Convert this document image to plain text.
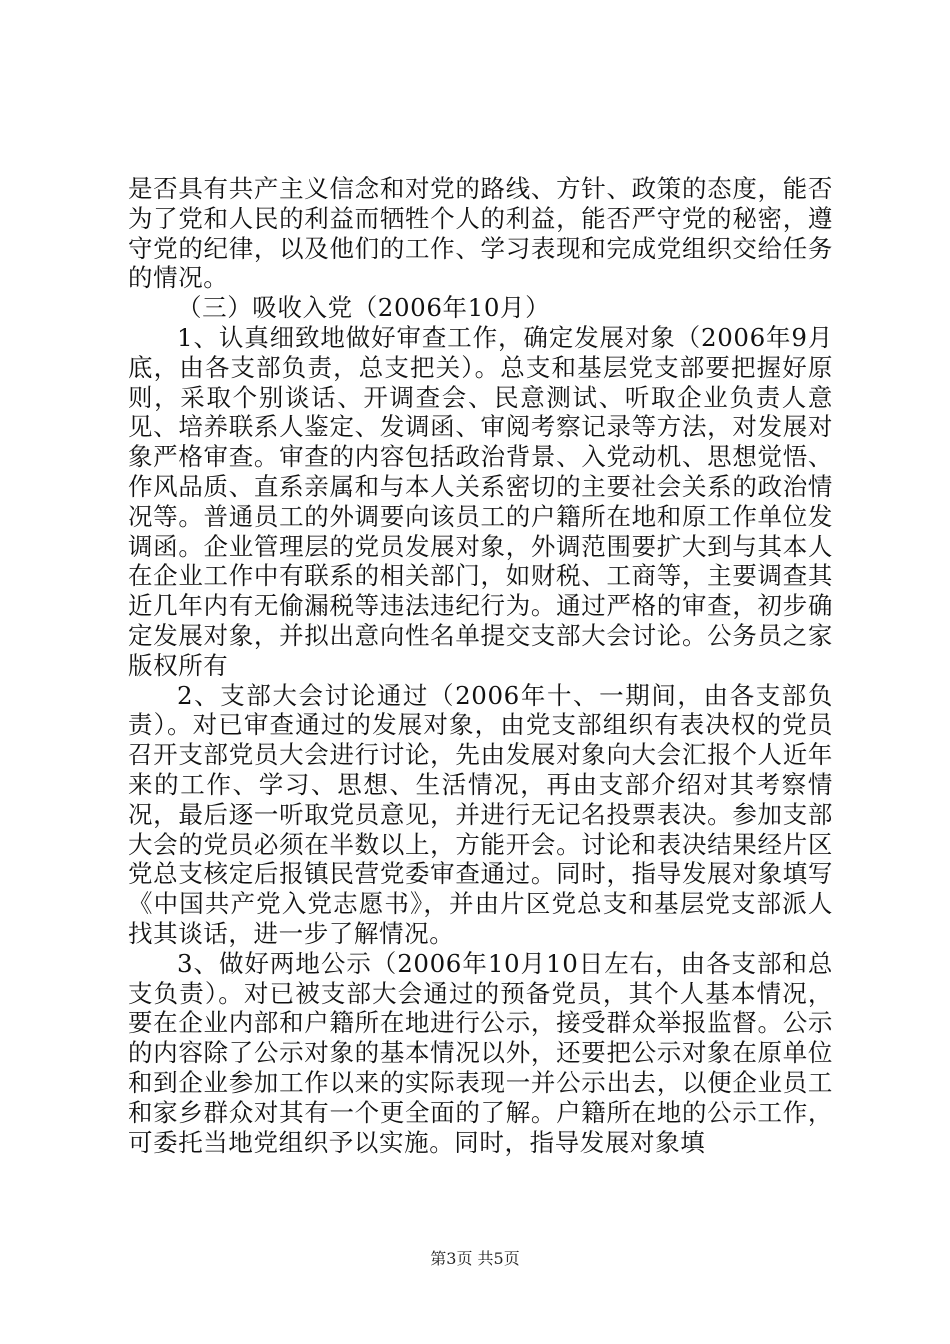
是否具有共产主义信念和对党的路线、方针、政策的态度，能否为了党和人民的利益而牺牲个人的利益，能否严守党的秘密，遵守党的纪律，以及他们的工作、学习表现和完成党组织交给任务的情况。

（三）吸收入党（2006年10月）

1、认真细致地做好审查工作，确定发展对象（2006年9月底，由各支部负责，总支把关）。总支和基层党支部要把握好原则，采取个别谈话、开调查会、民意测试、听取企业负责人意见、培养联系人鉴定、发调函、审阅考察记录等方法，对发展对象严格审查。审查的内容包括政治背景、入党动机、思想觉悟、作风品质、直系亲属和与本人关系密切的主要社会关系的政治情况等。普通员工的外调要向该员工的户籍所在地和原工作单位发调函。企业管理层的党员发展对象，外调范围要扩大到与其本人在企业工作中有联系的相关部门，如财税、工商等，主要调查其近几年内有无偷漏税等违法违纪行为。通过严格的审查，初步确定发展对象，并拟出意向性名单提交支部大会讨论。公务员之家版权所有

2、支部大会讨论通过（2006年十、一期间，由各支部负责）。对已审查通过的发展对象，由党支部组织有表决权的党员召开支部党员大会进行讨论，先由发展对象向大会汇报个人近年来的工作、学习、思想、生活情况，再由支部介绍对其考察情况，最后逐一听取党员意见，并进行无记名投票表决。参加支部大会的党员必须在半数以上，方能开会。讨论和表决结果经片区党总支核定后报镇民营党委审查通过。同时，指导发展对象填写《中国共产党入党志愿书》，并由片区党总支和基层党支部派人找其谈话，进一步了解情况。

3、做好两地公示（2006年10月10日左右，由各支部和总支负责）。对已被支部大会通过的预备党员，其个人基本情况，要在企业内部和户籍所在地进行公示，接受群众举报监督。公示的内容除了公示对象的基本情况以外，还要把公示对象在原单位和到企业参加工作以来的实际表现一并公示出去，以便企业员工和家乡群众对其有一个更全面的了解。户籍所在地的公示工作，可委托当地党组织予以实施。同时，指导发展对象填

第3页 共5页
